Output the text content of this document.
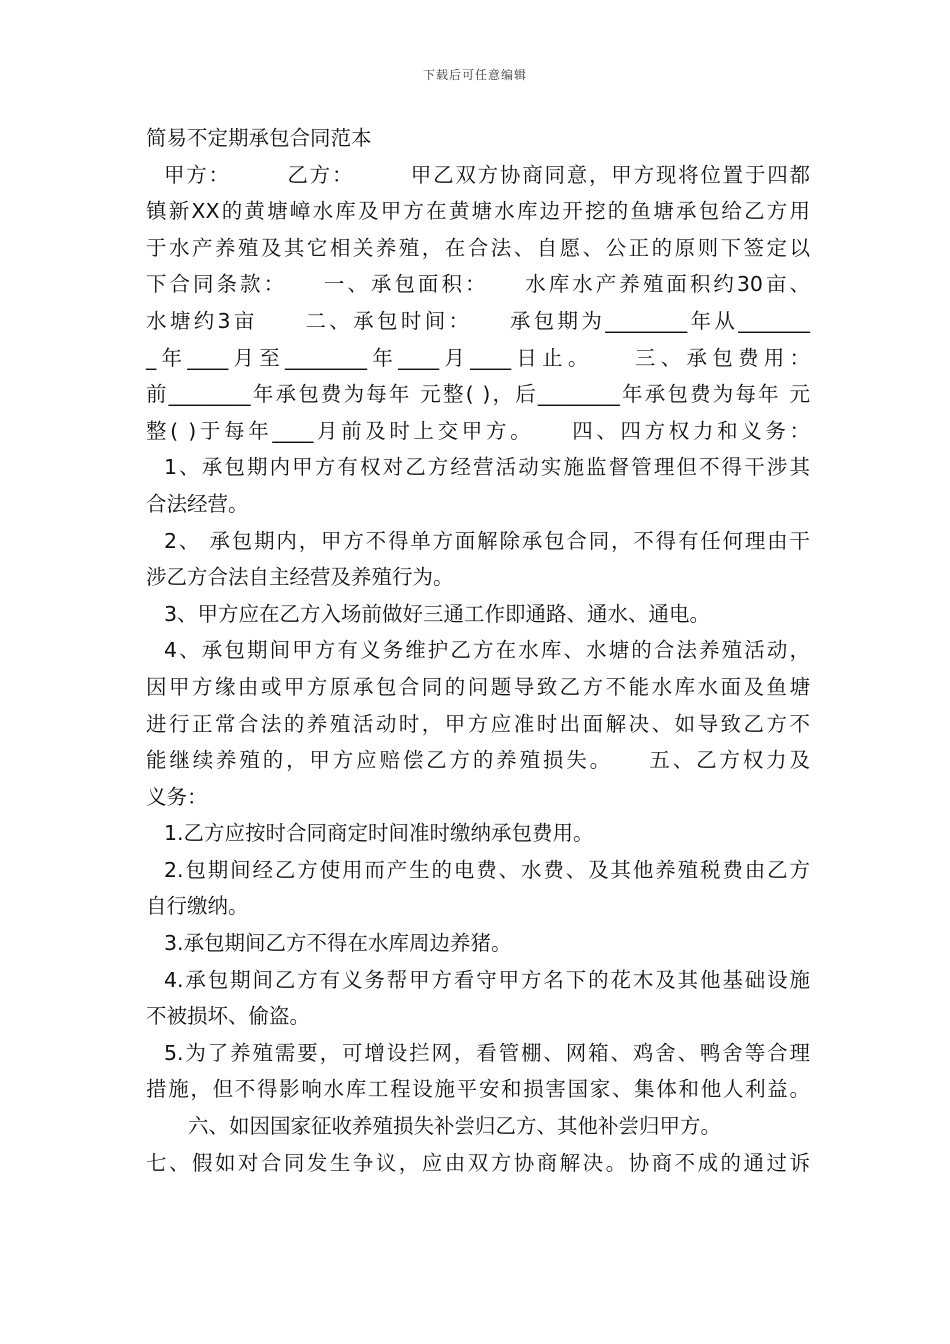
下载后可任意编辑
简易不定期承包合同范本
甲方：　　　乙方：　　　甲乙双方协商同意，甲方现将位置于四都
镇新XX的黄塘嶂水库及甲方在黄塘水库边开挖的鱼塘承包给乙方用
于水产养殖及其它相关养殖，在合法、自愿、公正的原则下签定以
下合同条款：　　一、承包面积：　　水库水产养殖面积约30亩、
水塘约3亩　　二、承包时间：　　承包期为________年从_______
_年____月至________年____月____日止。　　三、承包费用：
前________年承包费为每年 元整( )，后________年承包费为每年 元
整( )于每年____月前及时上交甲方。　　四、四方权力和义务：
1、承包期内甲方有权对乙方经营活动实施监督管理但不得干涉其
合法经营。
2、 承包期内，甲方不得单方面解除承包合同，不得有任何理由干
涉乙方合法自主经营及养殖行为。
3、甲方应在乙方入场前做好三通工作即通路、通水、通电。
4、承包期间甲方有义务维护乙方在水库、水塘的合法养殖活动，
因甲方缘由或甲方原承包合同的问题导致乙方不能水库水面及鱼塘
进行正常合法的养殖活动时，甲方应准时出面解决、如导致乙方不
能继续养殖的，甲方应赔偿乙方的养殖损失。　　五、乙方权力及
义务：
1.乙方应按时合同商定时间准时缴纳承包费用。
2.包期间经乙方使用而产生的电费、水费、及其他养殖税费由乙方
自行缴纳。
3.承包期间乙方不得在水库周边养猪。
4.承包期间乙方有义务帮甲方看守甲方名下的花木及其他基础设施
不被损坏、偷盗。
5.为了养殖需要，可增设拦网，看管棚、网箱、鸡舍、鸭舍等合理
措施，但不得影响水库工程设施平安和损害国家、集体和他人利益。
六、如因国家征收养殖损失补尝归乙方、其他补尝归甲方。
七、假如对合同发生争议，应由双方协商解决。协商不成的通过诉
